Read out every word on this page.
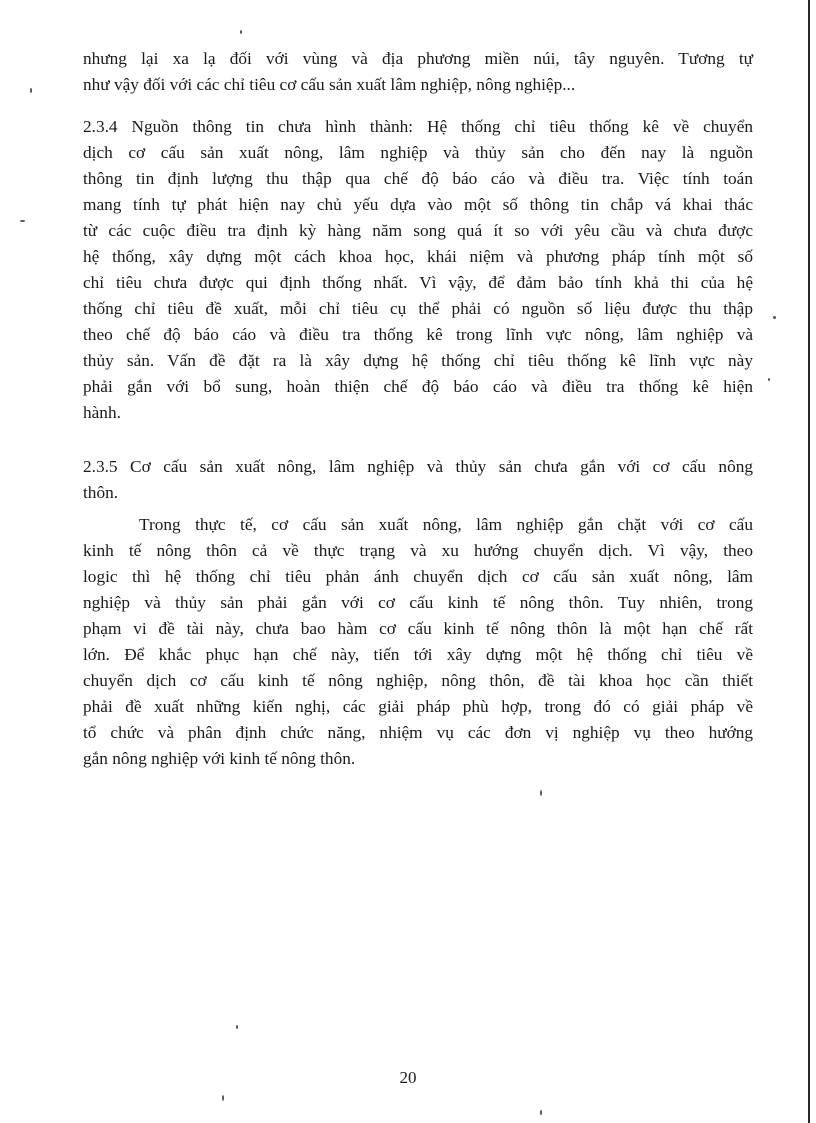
nhưng lại xa lạ đối với vùng và địa phương miền núi, tây nguyên. Tương tự
như vậy đối với các chỉ tiêu cơ cấu sản xuất lâm nghiệp, nông nghiệp...
2.3.4 Nguồn thông tin chưa hình thành: Hệ thống chỉ tiêu thống kê về chuyển
dịch cơ cấu sản xuất nông, lâm nghiệp và thủy sản cho đến nay là nguồn
thông tin định lượng thu thập qua chế độ báo cáo và điều tra. Việc tính toán
mang tính tự phát hiện nay chủ yếu dựa vào một số thông tin chắp vá khai thác
từ các cuộc điều tra định kỳ hàng năm song quá ít so với yêu cầu và chưa được
hệ thống, xây dựng một cách khoa học, khái niệm và phương pháp tính một số
chỉ tiêu chưa được qui định thống nhất. Vì vậy, để đảm bảo tính khả thi của hệ
thống chỉ tiêu đề xuất, mỗi chỉ tiêu cụ thể phải có nguồn số liệu được thu thập
theo chế độ báo cáo và điều tra thống kê trong lĩnh vực nông, lâm nghiệp và
thủy sản. Vấn đề đặt ra là xây dựng hệ thống chỉ tiêu thống kê lĩnh vực này
phải gắn với bổ sung, hoàn thiện chế độ báo cáo và điều tra thống kê hiện
hành.
2.3.5 Cơ cấu sản xuất nông, lâm nghiệp và thủy sản chưa gắn với cơ cấu nông
thôn.
Trong thực tế, cơ cấu sản xuất nông, lâm nghiệp gắn chặt với cơ cấu
kinh tế nông thôn cả về thực trạng và xu hướng chuyển dịch. Vì vậy, theo
logic thì hệ thống chỉ tiêu phản ánh chuyển dịch cơ cấu sản xuất nông, lâm
nghiệp và thủy sản phải gắn với cơ cấu kinh tế nông thôn. Tuy nhiên, trong
phạm vi đề tài này, chưa bao hàm cơ cấu kinh tế nông thôn là một hạn chế rất
lớn. Để khắc phục hạn chế này, tiến tới xây dựng một hệ thống chỉ tiêu về
chuyển dịch cơ cấu kinh tế nông nghiệp, nông thôn, đề tài khoa học cần thiết
phải đề xuất những kiến nghị, các giải pháp phù hợp, trong đó có giải pháp về
tổ chức và phân định chức năng, nhiệm vụ các đơn vị nghiệp vụ theo hướng
gắn nông nghiệp với kinh tế nông thôn.
20
